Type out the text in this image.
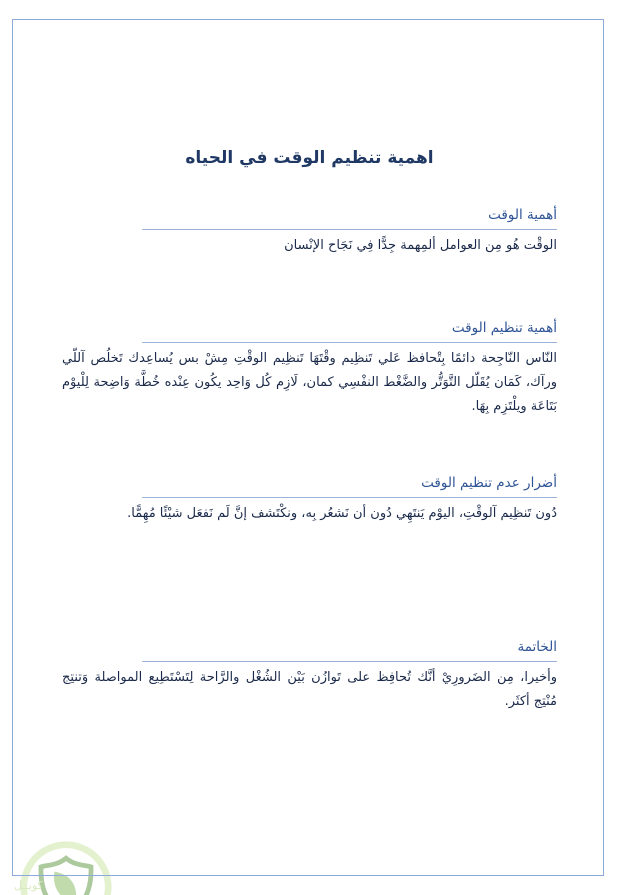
اهمية تنظيم الوقت في الحياه
أهمية الوقت
الوقْت هُو مِن العوامل ألمِهمة جِدًّا فِي نَجَاح الإنْسان
أهمية تنظيم الوقت
النّاس النّاجِحة دائمًا بِتْحافظ عَلي تَنظِيم وقْتَهَا تَنظِيم الوقْتِ مِشْ بس يُساعِدك تَخلُص آللّي ورآك، كَمَان يُقَلّل التَّوَتُّر والضَّغْط النفْسِي كمان، لَازِم كُل وَاحِد يكُون عِنْده خُطَّة وَاضِحة لِلْيوْم بَتَاعَة ويلْتَزِم بِهَا.
أضرار عدم تنظيم الوقت
دُون تَنظِيم آلوقْتِ، اليوْم يَنتَهِي دُون أن نَشعُر بِه، ونكْتَشف إنَّ لَم نَفعَل شيْئًا مُهِمًّا.
الخاتمة
وأخيرا، مِن الضَرورِيْ أنَّك تُحافِظ على تَوازُن بَيْن الشُغْل والرَّاحة لِتَسْتَطِيع المواصلة وَتنتِج مُنْتِج أكثَر.
كويــل
